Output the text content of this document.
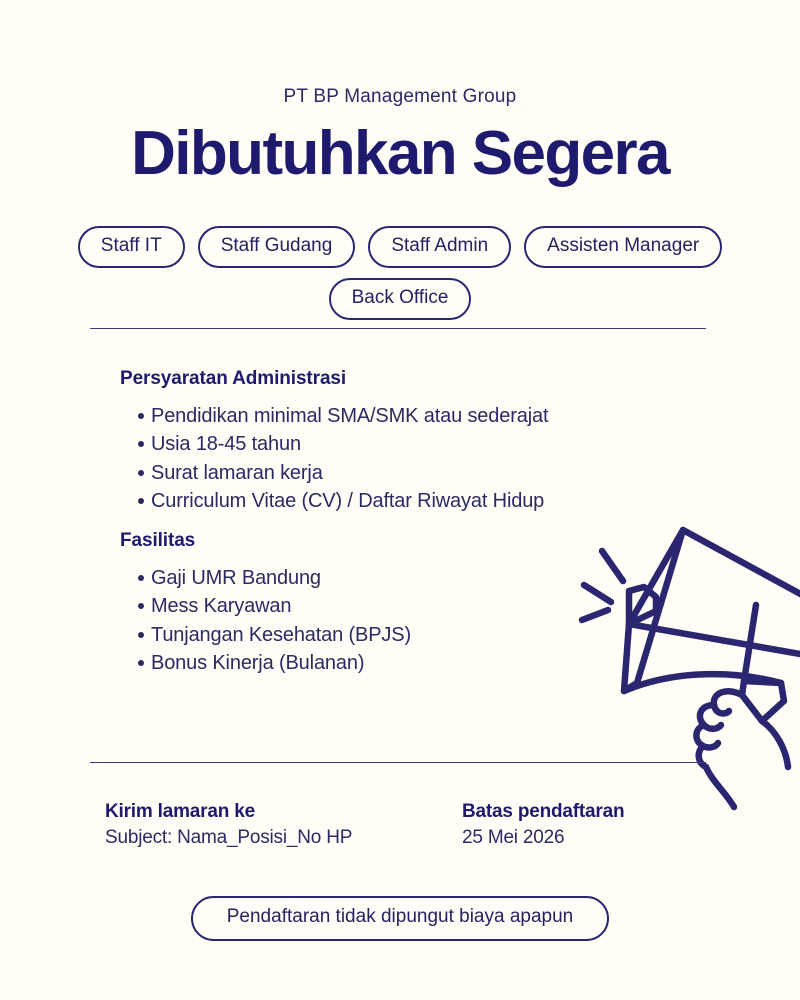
PT BP Management Group
Dibutuhkan Segera
Staff IT	Staff Gudang	Staff Admin	Assisten Manager
Back Office
Persyaratan Administrasi
Pendidikan minimal SMA/SMK atau sederajat
Usia 18-45 tahun
Surat lamaran kerja
Curriculum Vitae (CV) / Daftar Riwayat Hidup
Fasilitas
Gaji UMR Bandung
Mess Karyawan
Tunjangan Kesehatan (BPJS)
Bonus Kinerja (Bulanan)
Kirim lamaran ke
Subject: Nama_Posisi_No HP
Batas pendaftaran
25 Mei 2026
Pendaftaran tidak dipungut biaya apapun
